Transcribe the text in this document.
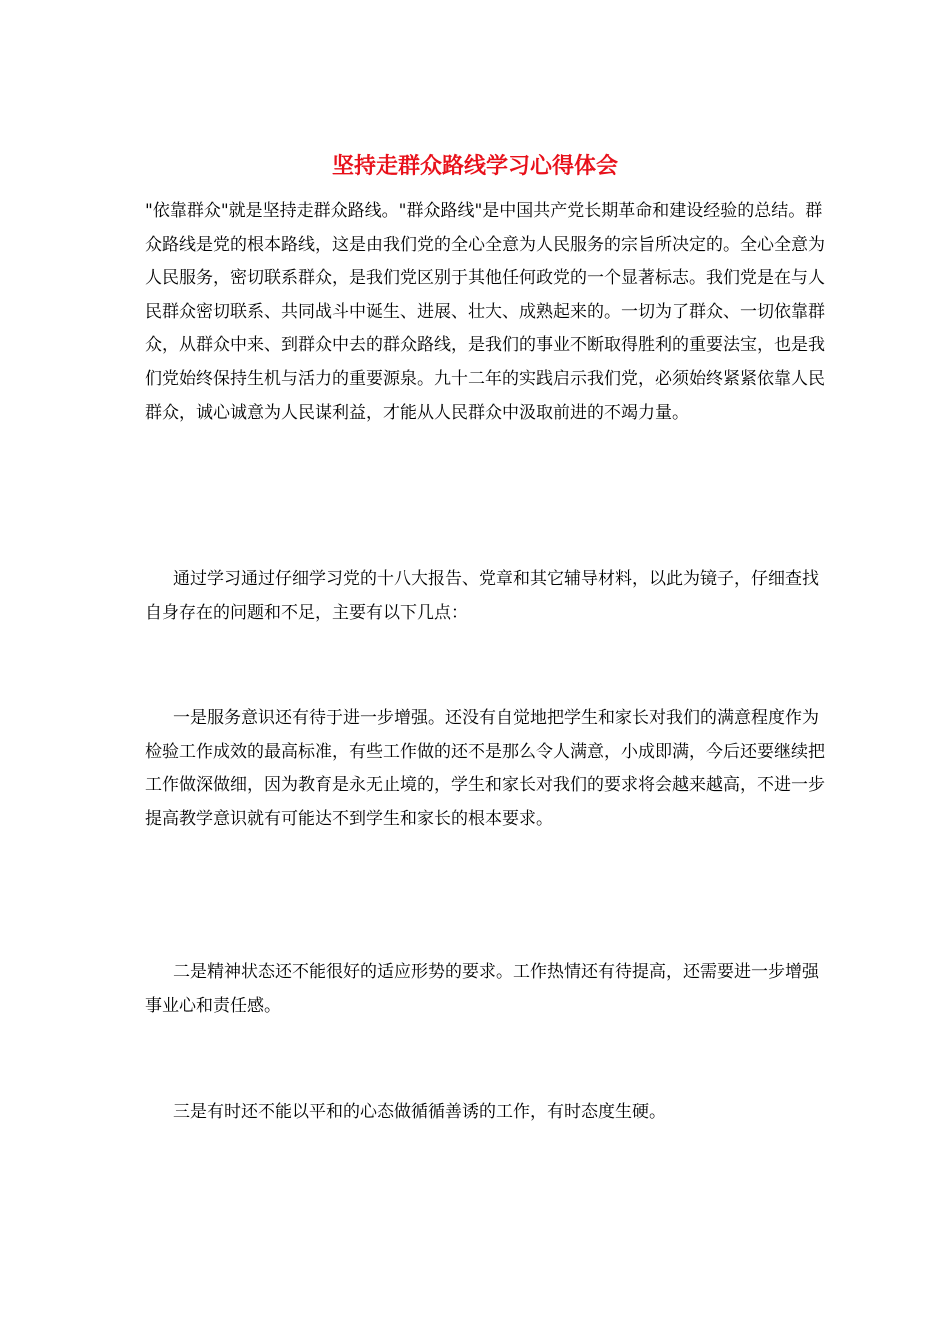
坚持走群众路线学习心得体会

"依靠群众"就是坚持走群众路线。"群众路线"是中国共产党长期革命和建设经验的总结。群众路线是党的根本路线，这是由我们党的全心全意为人民服务的宗旨所决定的。全心全意为人民服务，密切联系群众，是我们党区别于其他任何政党的一个显著标志。我们党是在与人民群众密切联系、共同战斗中诞生、进展、壮大、成熟起来的。一切为了群众、一切依靠群众，从群众中来、到群众中去的群众路线，是我们的事业不断取得胜利的重要法宝，也是我们党始终保持生机与活力的重要源泉。九十二年的实践启示我们党，必须始终紧紧依靠人民群众，诚心诚意为人民谋利益，才能从人民群众中汲取前进的不竭力量。

通过学习通过仔细学习党的十八大报告、党章和其它辅导材料，以此为镜子，仔细查找自身存在的问题和不足，主要有以下几点：

一是服务意识还有待于进一步增强。还没有自觉地把学生和家长对我们的满意程度作为检验工作成效的最高标准，有些工作做的还不是那么令人满意，小成即满，今后还要继续把工作做深做细，因为教育是永无止境的，学生和家长对我们的要求将会越来越高，不进一步提高教学意识就有可能达不到学生和家长的根本要求。

二是精神状态还不能很好的适应形势的要求。工作热情还有待提高，还需要进一步增强事业心和责任感。

三是有时还不能以平和的心态做循循善诱的工作，有时态度生硬。
